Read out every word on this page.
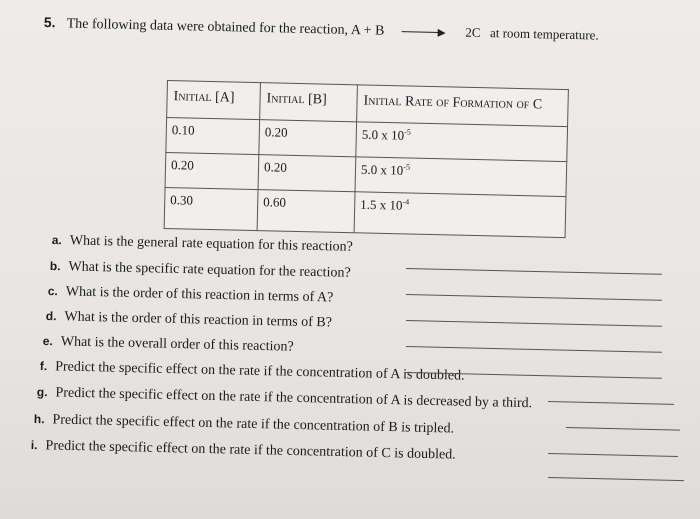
5. The following data were obtained for the reaction, A + B	2C at room temperature.
Initial [A]	Initial [B]	Initial Rate of Formation of C
0.10	0.20	5.0 x $10^{-5}$
0.20	0.20	5.0 x $10^{-5}$
0.30	0.60	1.5 x $10^{-4}$
a. What is the general rate equation for this reaction?
b. What is the specific rate equation for the reaction?
c. What is the order of this reaction in terms of A?
d. What is the order of this reaction in terms of B?
e. What is the overall order of this reaction?
f. Predict the specific effect on the rate if the concentration of A is doubled.
g. Predict the specific effect on the rate if the concentration of A is decreased by a third.
h. Predict the specific effect on the rate if the concentration of B is tripled.
i. Predict the specific effect on the rate if the concentration of C is doubled.
